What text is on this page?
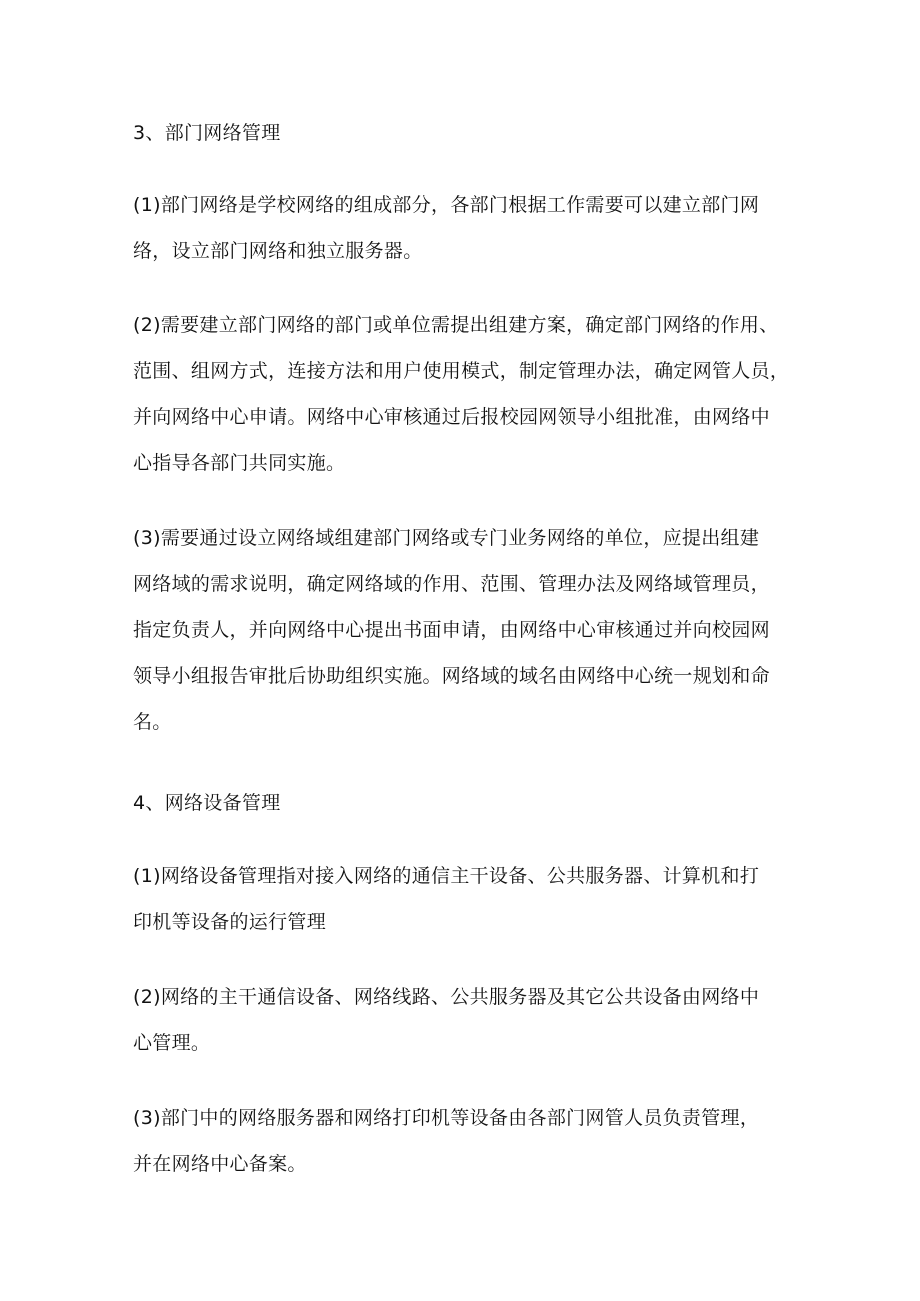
3、部门网络管理
(1)部门网络是学校网络的组成部分，各部门根据工作需要可以建立部门网
络，设立部门网络和独立服务器。
(2)需要建立部门网络的部门或单位需提出组建方案，确定部门网络的作用、
范围、组网方式，连接方法和用户使用模式，制定管理办法，确定网管人员，
并向网络中心申请。网络中心审核通过后报校园网领导小组批准，由网络中
心指导各部门共同实施。
(3)需要通过设立网络域组建部门网络或专门业务网络的单位，应提出组建
网络域的需求说明，确定网络域的作用、范围、管理办法及网络域管理员，
指定负责人，并向网络中心提出书面申请，由网络中心审核通过并向校园网
领导小组报告审批后协助组织实施。网络域的域名由网络中心统一规划和命
名。
4、网络设备管理
(1)网络设备管理指对接入网络的通信主干设备、公共服务器、计算机和打
印机等设备的运行管理
(2)网络的主干通信设备、网络线路、公共服务器及其它公共设备由网络中
心管理。
(3)部门中的网络服务器和网络打印机等设备由各部门网管人员负责管理，
并在网络中心备案。
